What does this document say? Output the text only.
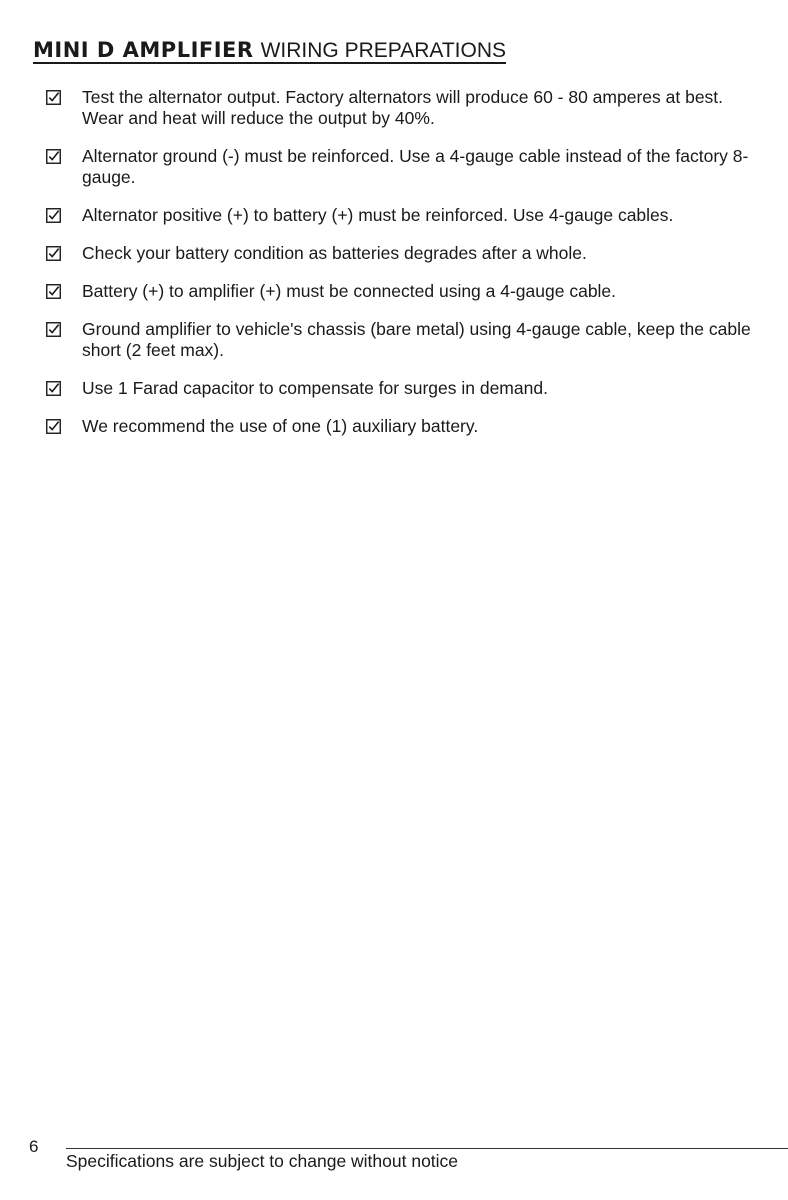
MINI D AMPLIFIER WIRING PREPARATIONS
Test the alternator output. Factory alternators will produce 60 - 80 amperes at best. Wear and heat will reduce the output by 40%.
Alternator ground (-) must be reinforced. Use a 4-gauge cable instead of the factory 8-gauge.
Alternator positive (+) to battery (+) must be reinforced. Use 4-gauge cables.
Check your battery condition as batteries degrades after a whole.
Battery (+) to amplifier (+) must be connected using a 4-gauge cable.
Ground amplifier to vehicle's chassis (bare metal) using 4-gauge cable, keep the cable short (2 feet max).
Use 1 Farad capacitor to compensate for surges in demand.
We recommend the use of one (1) auxiliary battery.
6
Specifications are subject to change without notice
